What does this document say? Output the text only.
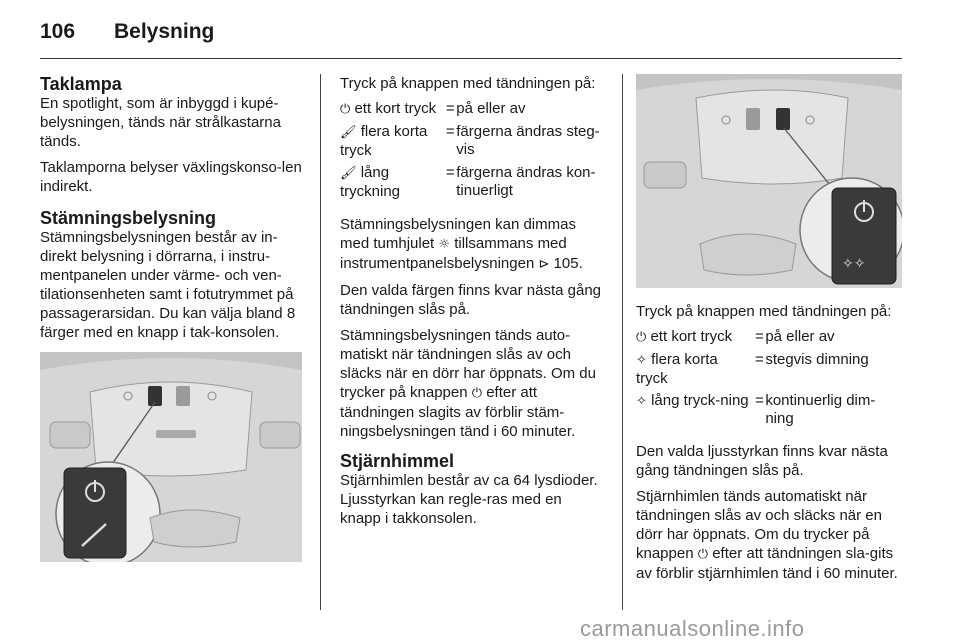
106 Belysning
Taklampa

En spotlight, som är inbyggd i kupé-belysningen, tänds när strålkastarna tänds.

Taklamporna belyser växlingskonso-len indirekt.

Stämningsbelysning

Stämningsbelysningen består av in-direkt belysning i dörrarna, i instru-mentpanelen under värme- och ven-tilationsenheten samt i fotutrymmet på passagerarsidan. Du kan välja bland 8 färger med en knapp i tak-konsolen.

Tryck på knappen med tändningen på:

⏻ ett kort tryck	=	på eller av
🖌 flera korta tryck	=	färgerna ändras steg-vis
🖌 lång tryckning	=	färgerna ändras kon-tinuerligt

Stämningsbelysningen kan dimmas med tumhjulet ☼ tillsammans med instrumentpanelsbelysningen ⊳ 105.

Den valda färgen finns kvar nästa gång tändningen slås på.

Stämningsbelysningen tänds auto-matiskt när tändningen slås av och släcks när en dörr har öppnats. Om du trycker på knappen ⏻ efter att tändningen slagits av förblir stäm-ningsbelysningen tänd i 60 minuter.

Stjärnhimmel

Stjärnhimlen består av ca 64 lysdioder. Ljusstyrkan kan regle-ras med en knapp i takkonsolen.

✧✧

Tryck på knappen med tändningen på:

⏻ ett kort tryck	=	på eller av
✧ flera korta tryck	=	stegvis dimning
✧ lång tryck-ning	=	kontinuerlig dim-ning

Den valda ljusstyrkan finns kvar nästa gång tändningen slås på.

Stjärnhimlen tänds automatiskt när tändningen slås av och släcks när en dörr har öppnats. Om du trycker på knappen ⏻ efter att tändningen sla-gits av förblir stjärnhimlen tänd i 60 minuter.

carmanualsonline.info
